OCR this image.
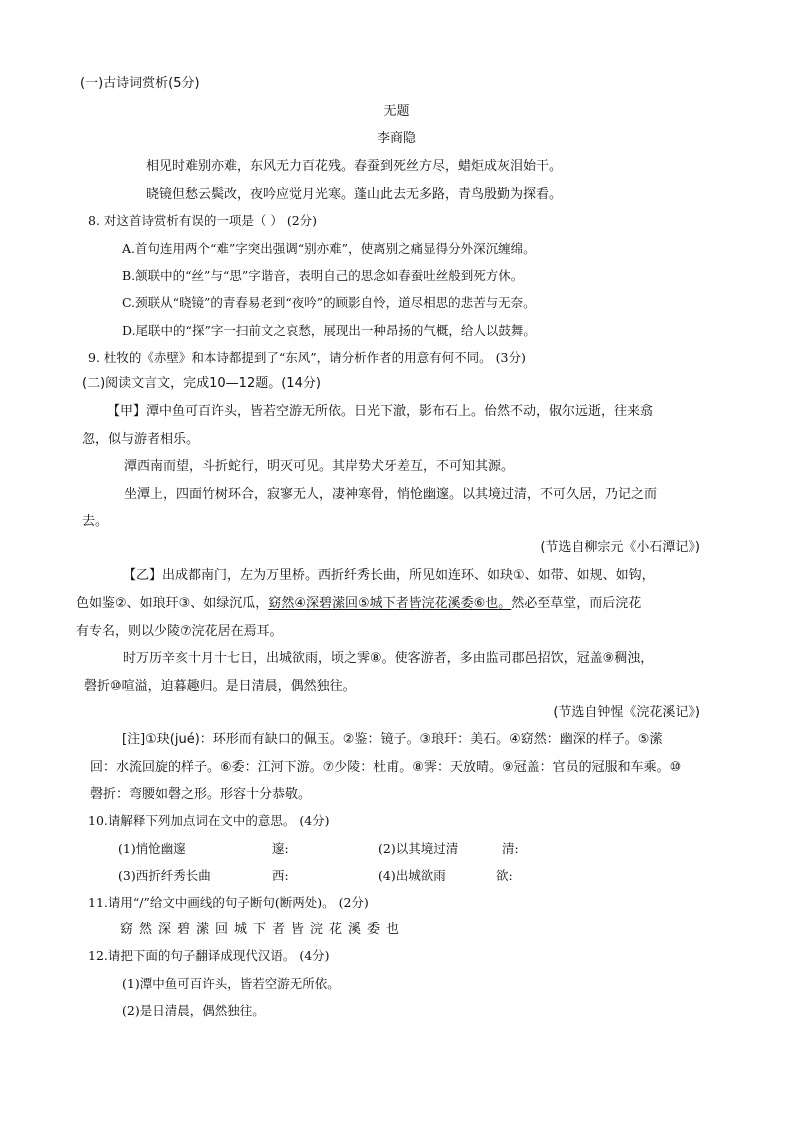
(一)古诗词赏析(5分)
无题
李商隐
相见时难别亦难，东风无力百花残。春蚕到死丝方尽，蜡炬成灰泪始干。
晓镜但愁云鬓改，夜吟应觉月光寒。蓬山此去无多路，青鸟殷勤为探看。
8. 对这首诗赏析有误的一项是（ ） (2分)
A.首句连用两个“难”字突出强调“别亦难”，使离别之痛显得分外深沉缠绵。
B.颔联中的“丝”与“思”字谐音，表明自己的思念如春蚕吐丝般到死方休。
C.颈联从“晓镜”的青春易老到“夜吟”的顾影自怜，道尽相思的悲苦与无奈。
D.尾联中的“探”字一扫前文之哀愁，展现出一种昂扬的气概，给人以鼓舞。
9. 杜牧的《赤壁》和本诗都提到了“东风”，请分析作者的用意有何不同。 (3分)
(二)阅读文言文，完成10—12题。(14分)
【甲】潭中鱼可百许头，皆若空游无所依。日光下澈，影布石上。佁然不动，俶尔远逝，往来翕
忽，似与游者相乐。
潭西南而望，斗折蛇行，明灭可见。其岸势犬牙差互，不可知其源。
坐潭上，四面竹树环合，寂寥无人，凄神寒骨，悄怆幽邃。以其境过清，不可久居，乃记之而
去。
(节选自柳宗元《小石潭记》)
【乙】出成都南门，左为万里桥。西折纤秀长曲，所见如连环、如玦①、如带、如规、如钩，
色如鉴②、如琅玕③、如绿沉瓜，窈然④深碧潆回⑤城下者皆浣花溪委⑥也。然必至草堂，而后浣花
有专名，则以少陵⑦浣花居在焉耳。
时万历辛亥十月十七日，出城欲雨，顷之霁⑧。使客游者，多由监司郡邑招饮，冠盖⑨稠浊，
磬折⑩喧溢，迫暮趣归。是日清晨，偶然独往。
(节选自钟惺《浣花溪记》)
[注]①玦(jué)：环形而有缺口的佩玉。②鉴：镜子。③琅玕：美石。④窈然：幽深的样子。⑤潆
回：水流回旋的样子。⑥委：江河下游。⑦少陵：杜甫。⑧霁：天放晴。⑨冠盖：官员的冠服和车乘。⑩
磬折：弯腰如磬之形。形容十分恭敬。
10.请解释下列加点词在文中的意思。 (4分)
(1)悄怆幽邃	邃:	(2)以其境过清	清:
(3)西折纤秀长曲	西:	(4)出城欲雨	欲:
11.请用“/”给文中画线的句子断句(断两处)。 (2分)
窈然深碧潆回城下者皆浣花溪委也
12.请把下面的句子翻译成现代汉语。 (4分)
(1)潭中鱼可百许头，皆若空游无所依。
(2)是日清晨，偶然独往。
